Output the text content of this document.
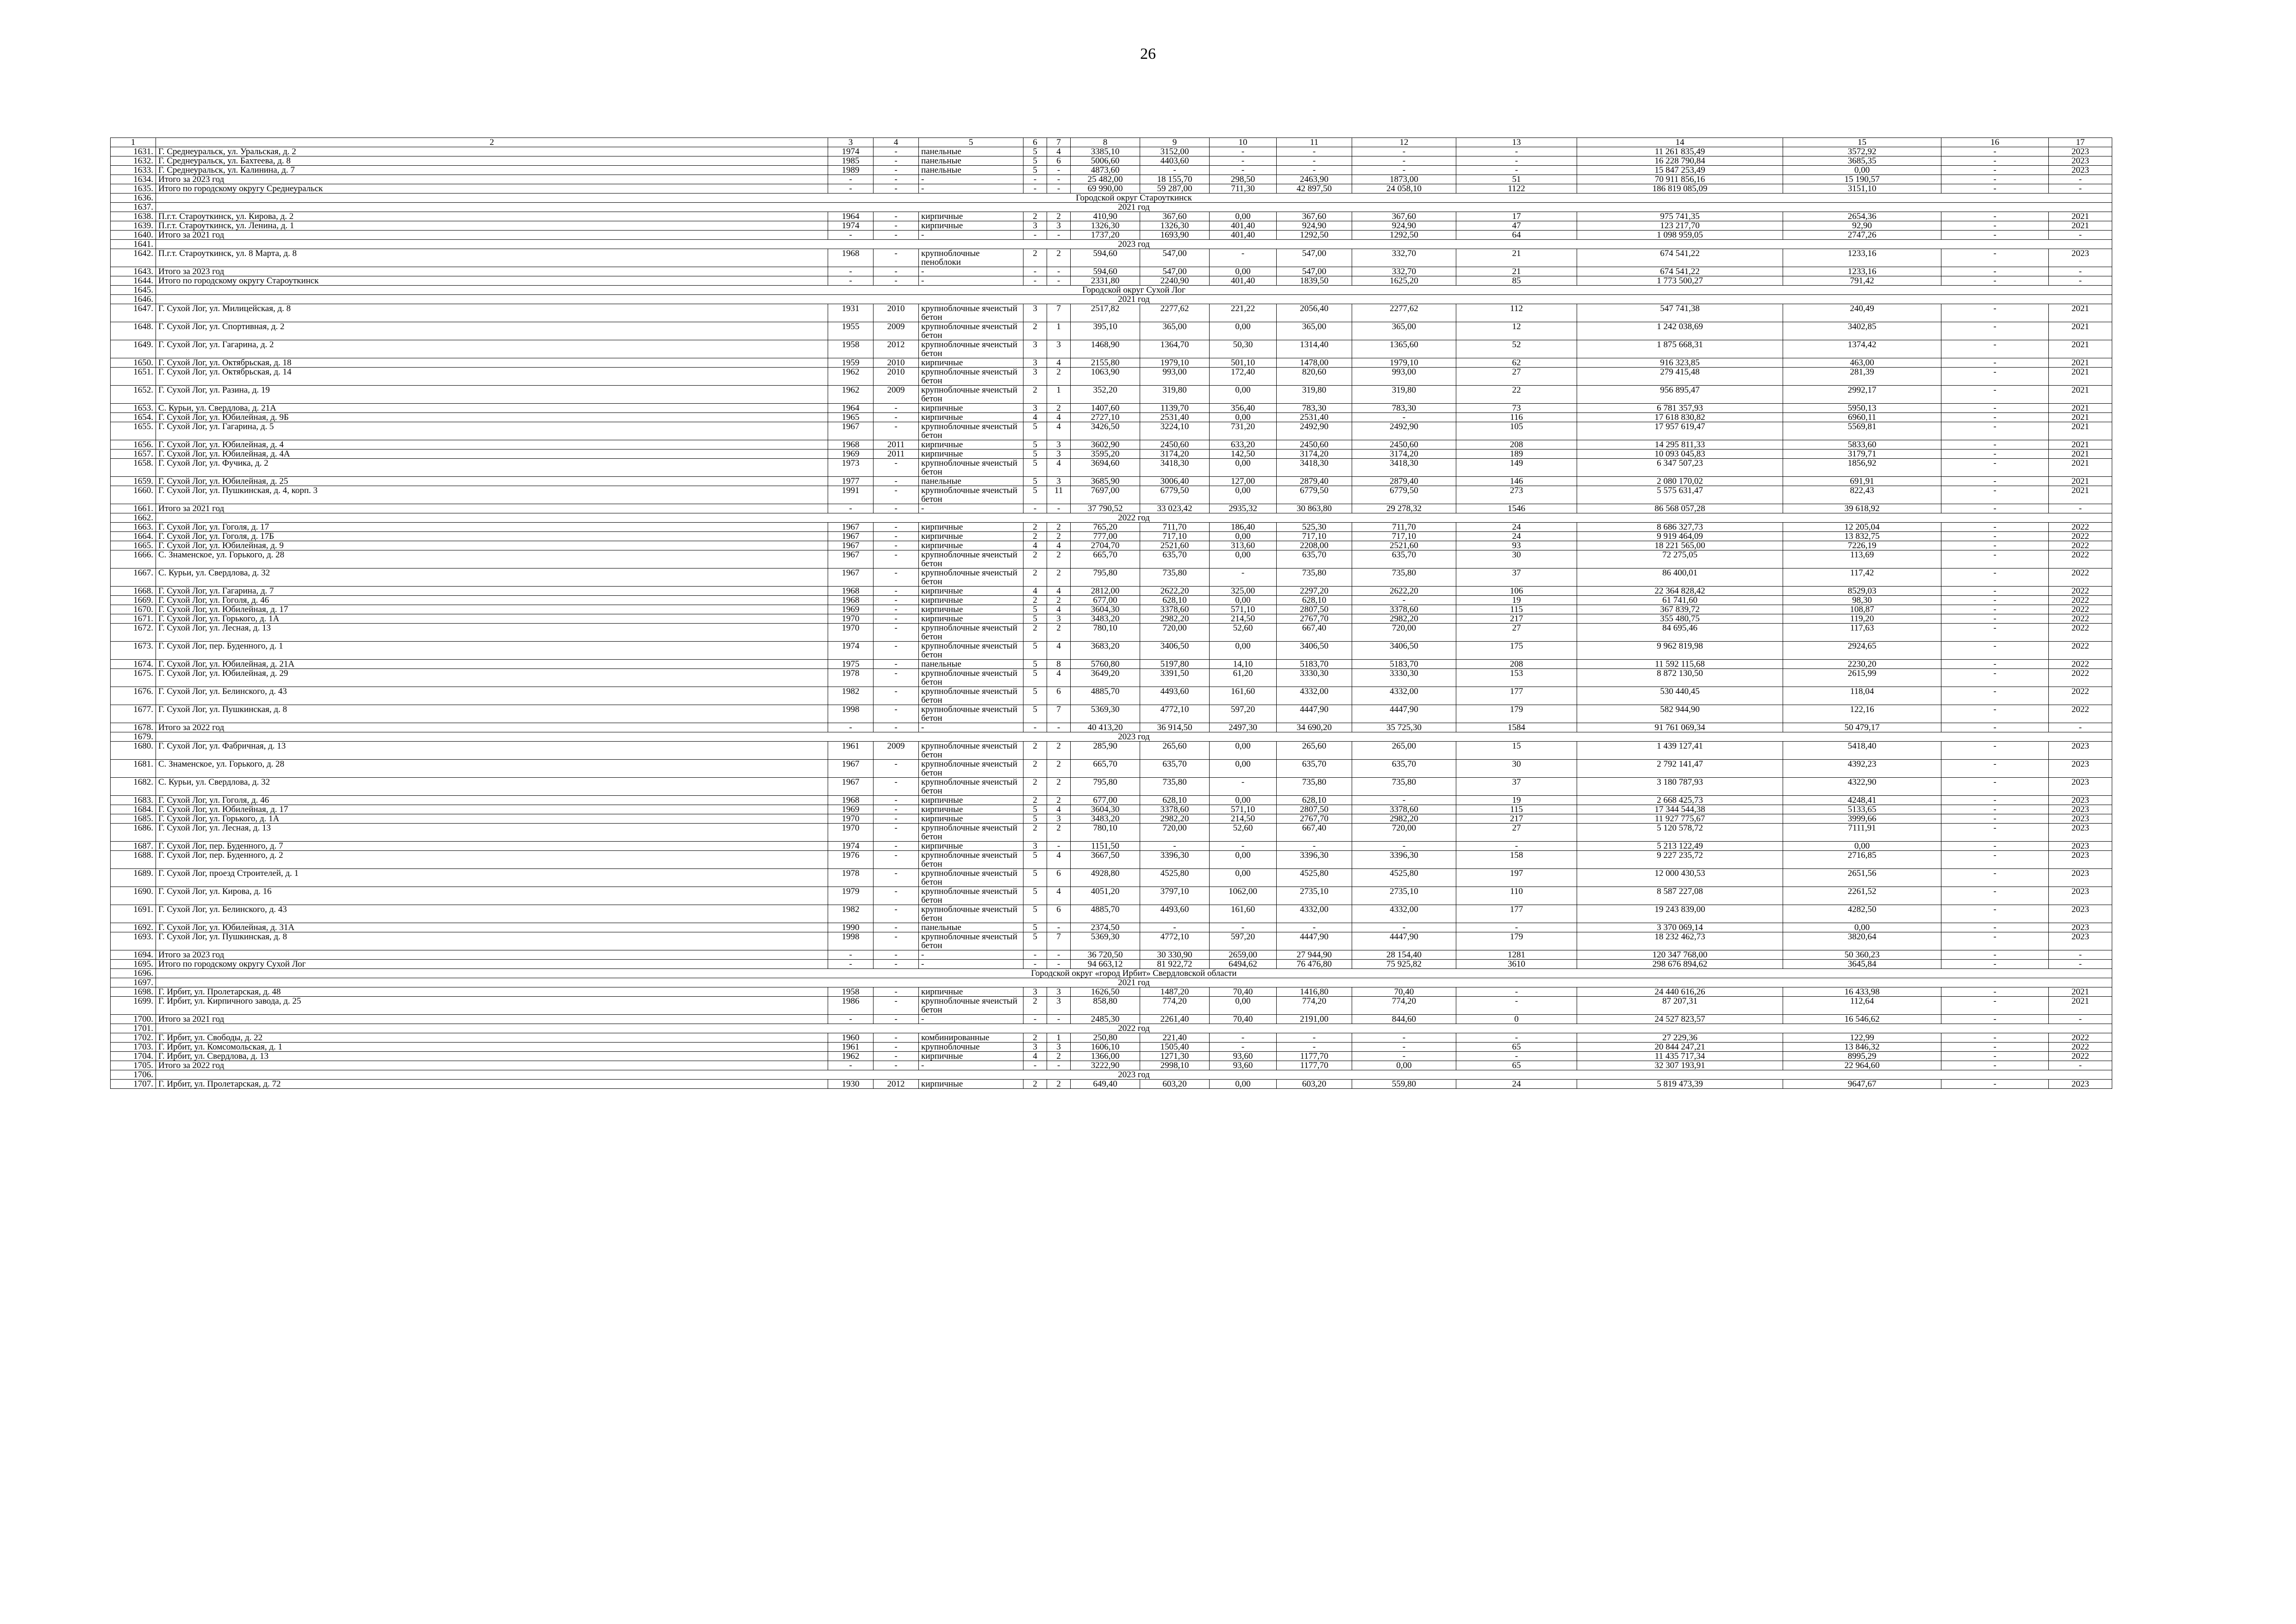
26
1	2	3	4	5	6	7	8	9	10	11	12	13	14	15	16	17
1631.	Г. Среднеуральск, ул. Уральская, д. 2	1974	-	панельные	5	4	3385,10	3152,00	-	-	-	-	11 261 835,49	3572,92	-	2023
1632.	Г. Среднеуральск, ул. Бахтеева, д. 8	1985	-	панельные	5	6	5006,60	4403,60	-	-	-	-	16 228 790,84	3685,35	-	2023
1633.	Г. Среднеуральск, ул. Калинина, д. 7	1989	-	панельные	5	-	4873,60	-	-	-	-	-	15 847 253,49	0,00	-	2023
1634.	Итого за 2023 год	-	-	-	-	-	25 482,00	18 155,70	298,50	2463,90	1873,00	51	70 911 856,16	15 190,57	-	-
1635.	Итого по городскому округу Среднеуральск	-	-	-	-	-	69 990,00	59 287,00	711,30	42 897,50	24 058,10	1122	186 819 085,09	3151,10	-	-
1636.	Городской округ Староуткинск															
1637.	2021 год															
1638.	П.г.т. Староуткинск, ул. Кирова, д. 2	1964	-	кирпичные	2	2	410,90	367,60	0,00	367,60	367,60	17	975 741,35	2654,36	-	2021
1639.	П.г.т. Староуткинск, ул. Ленина, д. 1	1974	-	кирпичные	3	3	1326,30	1326,30	401,40	924,90	924,90	47	123 217,70	92,90	-	2021
1640.	Итого за 2021 год	-	-	-	-	-	1737,20	1693,90	401,40	1292,50	1292,50	64	1 098 959,05	2747,26	-	-
1641.	2023 год															
1642.	П.г.т. Староуткинск, ул. 8 Марта, д. 8	1968	-	крупноблочные пеноблоки	2	2	594,60	547,00	-	547,00	332,70	21	674 541,22	1233,16	-	2023
1643.	Итого за 2023 год	-	-	-	-	-	594,60	547,00	0,00	547,00	332,70	21	674 541,22	1233,16	-	-
1644.	Итого по городскому округу Староуткинск	-	-	-	-	-	2331,80	2240,90	401,40	1839,50	1625,20	85	1 773 500,27	791,42	-	-
1645.	Городской округ Сухой Лог															
1646.	2021 год															
1647.	Г. Сухой Лог, ул. Милицейская, д. 8	1931	2010	крупноблочные ячеистый бетон	3	7	2517,82	2277,62	221,22	2056,40	2277,62	112	547 741,38	240,49	-	2021
1648.	Г. Сухой Лог, ул. Спортивная, д. 2	1955	2009	крупноблочные ячеистый бетон	2	1	395,10	365,00	0,00	365,00	365,00	12	1 242 038,69	3402,85	-	2021
1649.	Г. Сухой Лог, ул. Гагарина, д. 2	1958	2012	крупноблочные ячеистый бетон	3	3	1468,90	1364,70	50,30	1314,40	1365,60	52	1 875 668,31	1374,42	-	2021
1650.	Г. Сухой Лог, ул. Октябрьская, д. 18	1959	2010	кирпичные	3	4	2155,80	1979,10	501,10	1478,00	1979,10	62	916 323,85	463,00	-	2021
1651.	Г. Сухой Лог, ул. Октябрьская, д. 14	1962	2010	крупноблочные ячеистый бетон	3	2	1063,90	993,00	172,40	820,60	993,00	27	279 415,48	281,39	-	2021
1652.	Г. Сухой Лог, ул. Разина, д. 19	1962	2009	крупноблочные ячеистый бетон	2	1	352,20	319,80	0,00	319,80	319,80	22	956 895,47	2992,17	-	2021
1653.	С. Курьи, ул. Свердлова, д. 21А	1964	-	кирпичные	3	2	1407,60	1139,70	356,40	783,30	783,30	73	6 781 357,93	5950,13	-	2021
1654.	Г. Сухой Лог, ул. Юбилейная, д. 9Б	1965	-	кирпичные	4	4	2727,10	2531,40	0,00	2531,40	-	116	17 618 830,82	6960,11	-	2021
1655.	Г. Сухой Лог, ул. Гагарина, д. 5	1967	-	крупноблочные ячеистый бетон	5	4	3426,50	3224,10	731,20	2492,90	2492,90	105	17 957 619,47	5569,81	-	2021
1656.	Г. Сухой Лог, ул. Юбилейная, д. 4	1968	2011	кирпичные	5	3	3602,90	2450,60	633,20	2450,60	2450,60	208	14 295 811,33	5833,60	-	2021
1657.	Г. Сухой Лог, ул. Юбилейная, д. 4А	1969	2011	кирпичные	5	3	3595,20	3174,20	142,50	3174,20	3174,20	189	10 093 045,83	3179,71	-	2021
1658.	Г. Сухой Лог, ул. Фучика, д. 2	1973	-	крупноблочные ячеистый бетон	5	4	3694,60	3418,30	0,00	3418,30	3418,30	149	6 347 507,23	1856,92	-	2021
1659.	Г. Сухой Лог, ул. Юбилейная, д. 25	1977	-	панельные	5	3	3685,90	3006,40	127,00	2879,40	2879,40	146	2 080 170,02	691,91	-	2021
1660.	Г. Сухой Лог, ул. Пушкинская, д. 4, корп. 3	1991	-	крупноблочные ячеистый бетон	5	11	7697,00	6779,50	0,00	6779,50	6779,50	273	5 575 631,47	822,43	-	2021
1661.	Итого за 2021 год	-	-	-	-	-	37 790,52	33 023,42	2935,32	30 863,80	29 278,32	1546	86 568 057,28	39 618,92	-	-
1662.	2022 год															
1663.	Г. Сухой Лог, ул. Гоголя, д. 17	1967	-	кирпичные	2	2	765,20	711,70	186,40	525,30	711,70	24	8 686 327,73	12 205,04	-	2022
1664.	Г. Сухой Лог, ул. Гоголя, д. 17Б	1967	-	кирпичные	2	2	777,00	717,10	0,00	717,10	717,10	24	9 919 464,09	13 832,75	-	2022
1665.	Г. Сухой Лог, ул. Юбилейная, д. 9	1967	-	кирпичные	4	4	2704,70	2521,60	313,60	2208,00	2521,60	93	18 221 565,00	7226,19	-	2022
1666.	С. Знаменское, ул. Горького, д. 28	1967	-	крупноблочные ячеистый бетон	2	2	665,70	635,70	0,00	635,70	635,70	30	72 275,05	113,69	-	2022
1667.	С. Курьи, ул. Свердлова, д. 32	1967	-	крупноблочные ячеистый бетон	2	2	795,80	735,80	-	735,80	735,80	37	86 400,01	117,42	-	2022
1668.	Г. Сухой Лог, ул. Гагарина, д. 7	1968	-	кирпичные	4	4	2812,00	2622,20	325,00	2297,20	2622,20	106	22 364 828,42	8529,03	-	2022
1669.	Г. Сухой Лог, ул. Гоголя, д. 46	1968	-	кирпичные	2	2	677,00	628,10	0,00	628,10	-	19	61 741,60	98,30	-	2022
1670.	Г. Сухой Лог, ул. Юбилейная, д. 17	1969	-	кирпичные	5	4	3604,30	3378,60	571,10	2807,50	3378,60	115	367 839,72	108,87	-	2022
1671.	Г. Сухой Лог, ул. Горького, д. 1А	1970	-	кирпичные	5	3	3483,20	2982,20	214,50	2767,70	2982,20	217	355 480,75	119,20	-	2022
1672.	Г. Сухой Лог, ул. Лесная, д. 13	1970	-	крупноблочные ячеистый бетон	2	2	780,10	720,00	52,60	667,40	720,00	27	84 695,46	117,63	-	2022
1673.	Г. Сухой Лог, пер. Буденного, д. 1	1974	-	крупноблочные ячеистый бетон	5	4	3683,20	3406,50	0,00	3406,50	3406,50	175	9 962 819,98	2924,65	-	2022
1674.	Г. Сухой Лог, ул. Юбилейная, д. 21А	1975	-	панельные	5	8	5760,80	5197,80	14,10	5183,70	5183,70	208	11 592 115,68	2230,20	-	2022
1675.	Г. Сухой Лог, ул. Юбилейная, д. 29	1978	-	крупноблочные ячеистый бетон	5	4	3649,20	3391,50	61,20	3330,30	3330,30	153	8 872 130,50	2615,99	-	2022
1676.	Г. Сухой Лог, ул. Белинского, д. 43	1982	-	крупноблочные ячеистый бетон	5	6	4885,70	4493,60	161,60	4332,00	4332,00	177	530 440,45	118,04	-	2022
1677.	Г. Сухой Лог, ул. Пушкинская, д. 8	1998	-	крупноблочные ячеистый бетон	5	7	5369,30	4772,10	597,20	4447,90	4447,90	179	582 944,90	122,16	-	2022
1678.	Итого за 2022 год	-	-	-	-	-	40 413,20	36 914,50	2497,30	34 690,20	35 725,30	1584	91 761 069,34	50 479,17	-	-
1679.	2023 год															
1680.	Г. Сухой Лог, ул. Фабричная, д. 13	1961	2009	крупноблочные ячеистый бетон	2	2	285,90	265,60	0,00	265,60	265,00	15	1 439 127,41	5418,40	-	2023
1681.	С. Знаменское, ул. Горького, д. 28	1967	-	крупноблочные ячеистый бетон	2	2	665,70	635,70	0,00	635,70	635,70	30	2 792 141,47	4392,23	-	2023
1682.	С. Курьи, ул. Свердлова, д. 32	1967	-	крупноблочные ячеистый бетон	2	2	795,80	735,80	-	735,80	735,80	37	3 180 787,93	4322,90	-	2023
1683.	Г. Сухой Лог, ул. Гоголя, д. 46	1968	-	кирпичные	2	2	677,00	628,10	0,00	628,10	-	19	2 668 425,73	4248,41	-	2023
1684.	Г. Сухой Лог, ул. Юбилейная, д. 17	1969	-	кирпичные	5	4	3604,30	3378,60	571,10	2807,50	3378,60	115	17 344 544,38	5133,65	-	2023
1685.	Г. Сухой Лог, ул. Горького, д. 1А	1970	-	кирпичные	5	3	3483,20	2982,20	214,50	2767,70	2982,20	217	11 927 775,67	3999,66	-	2023
1686.	Г. Сухой Лог, ул. Лесная, д. 13	1970	-	крупноблочные ячеистый бетон	2	2	780,10	720,00	52,60	667,40	720,00	27	5 120 578,72	7111,91	-	2023
1687.	Г. Сухой Лог, пер. Буденного, д. 7	1974	-	кирпичные	3	-	1151,50	-	-	-	-	-	5 213 122,49	0,00	-	2023
1688.	Г. Сухой Лог, пер. Буденного, д. 2	1976	-	крупноблочные ячеистый бетон	5	4	3667,50	3396,30	0,00	3396,30	3396,30	158	9 227 235,72	2716,85	-	2023
1689.	Г. Сухой Лог, проезд Строителей, д. 1	1978	-	крупноблочные ячеистый бетон	5	6	4928,80	4525,80	0,00	4525,80	4525,80	197	12 000 430,53	2651,56	-	2023
1690.	Г. Сухой Лог, ул. Кирова, д. 16	1979	-	крупноблочные ячеистый бетон	5	4	4051,20	3797,10	1062,00	2735,10	2735,10	110	8 587 227,08	2261,52	-	2023
1691.	Г. Сухой Лог, ул. Белинского, д. 43	1982	-	крупноблочные ячеистый бетон	5	6	4885,70	4493,60	161,60	4332,00	4332,00	177	19 243 839,00	4282,50	-	2023
1692.	Г. Сухой Лог, ул. Юбилейная, д. 31А	1990	-	панельные	5	-	2374,50	-	-	-	-	-	3 370 069,14	0,00	-	2023
1693.	Г. Сухой Лог, ул. Пушкинская, д. 8	1998	-	крупноблочные ячеистый бетон	5	7	5369,30	4772,10	597,20	4447,90	4447,90	179	18 232 462,73	3820,64	-	2023
1694.	Итого за 2023 год	-	-	-	-	-	36 720,50	30 330,90	2659,00	27 944,90	28 154,40	1281	120 347 768,00	50 360,23	-	-
1695.	Итого по городскому округу Сухой Лог	-	-	-	-	-	94 663,12	81 922,72	6494,62	76 476,80	75 925,82	3610	298 676 894,62	3645,84	-	-
1696.	Городской округ «город Ирбит» Свердловской области															
1697.	2021 год															
1698.	Г. Ирбит, ул. Пролетарская, д. 48	1958	-	кирпичные	3	3	1626,50	1487,20	70,40	1416,80	70,40	-	24 440 616,26	16 433,98	-	2021
1699.	Г. Ирбит, ул. Кирпичного завода, д. 25	1986	-	крупноблочные ячеистый бетон	2	3	858,80	774,20	0,00	774,20	774,20	-	87 207,31	112,64	-	2021
1700.	Итого за 2021 год	-	-	-	-	-	2485,30	2261,40	70,40	2191,00	844,60	0	24 527 823,57	16 546,62	-	-
1701.	2022 год															
1702.	Г. Ирбит, ул. Свободы, д. 22	1960	-	комбинированные	2	1	250,80	221,40	-	-	-	-	27 229,36	122,99	-	2022
1703.	Г. Ирбит, ул. Комсомольская, д. 1	1961	-	крупноблочные	3	3	1606,10	1505,40	-	-	-	65	20 844 247,21	13 846,32	-	2022
1704.	Г. Ирбит, ул. Свердлова, д. 13	1962	-	кирпичные	4	2	1366,00	1271,30	93,60	1177,70	-	-	11 435 717,34	8995,29	-	2022
1705.	Итого за 2022 год	-	-	-	-	-	3222,90	2998,10	93,60	1177,70	0,00	65	32 307 193,91	22 964,60	-	-
1706.	2023 год															
1707.	Г. Ирбит, ул. Пролетарская, д. 72	1930	2012	кирпичные	2	2	649,40	603,20	0,00	603,20	559,80	24	5 819 473,39	9647,67	-	2023
